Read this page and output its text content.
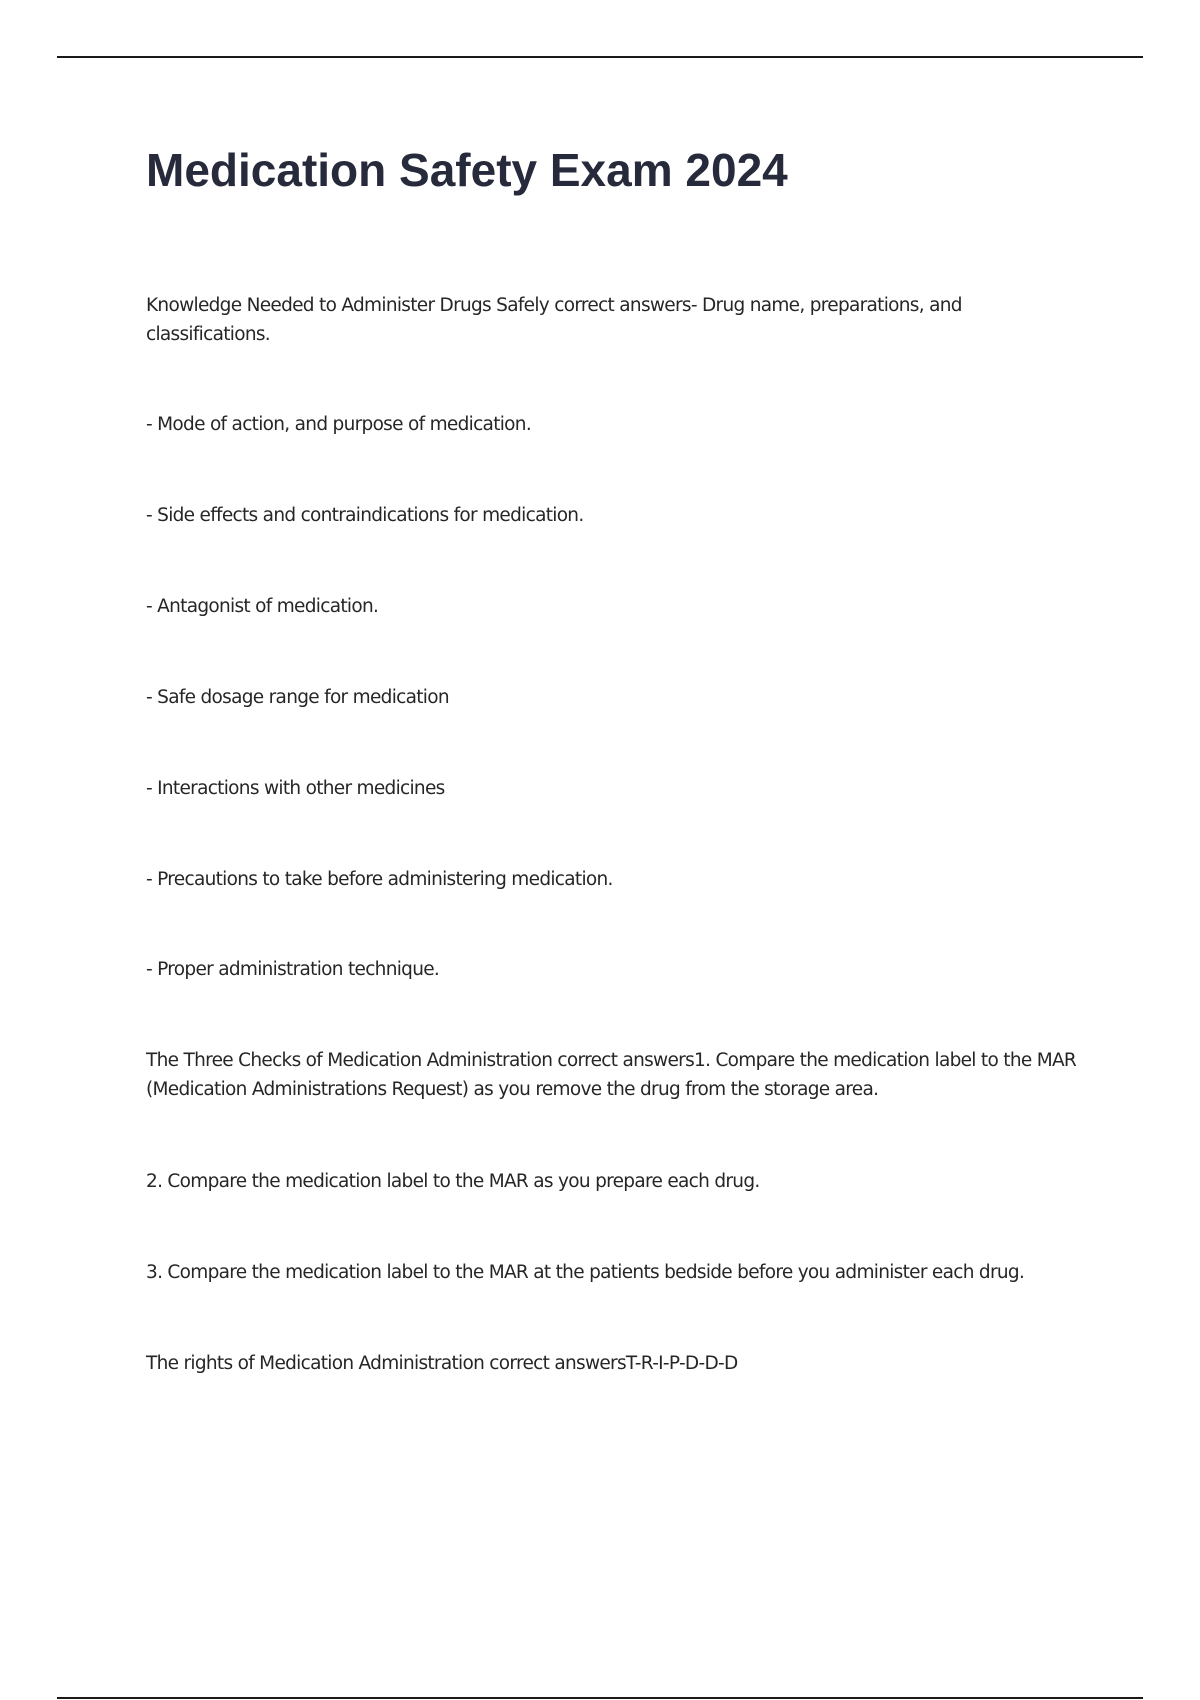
Medication Safety Exam 2024

Knowledge Needed to Administer Drugs Safely correct answers- Drug name, preparations, and classifications.

- Mode of action, and purpose of medication.

- Side effects and contraindications for medication.

- Antagonist of medication.

- Safe dosage range for medication

- Interactions with other medicines

- Precautions to take before administering medication.

- Proper administration technique.

The Three Checks of Medication Administration correct answers1. Compare the medication label to the MAR (Medication Administrations Request) as you remove the drug from the storage area.

2. Compare the medication label to the MAR as you prepare each drug.

3. Compare the medication label to the MAR at the patients bedside before you administer each drug.

The rights of Medication Administration correct answersT-R-I-P-D-D-D
